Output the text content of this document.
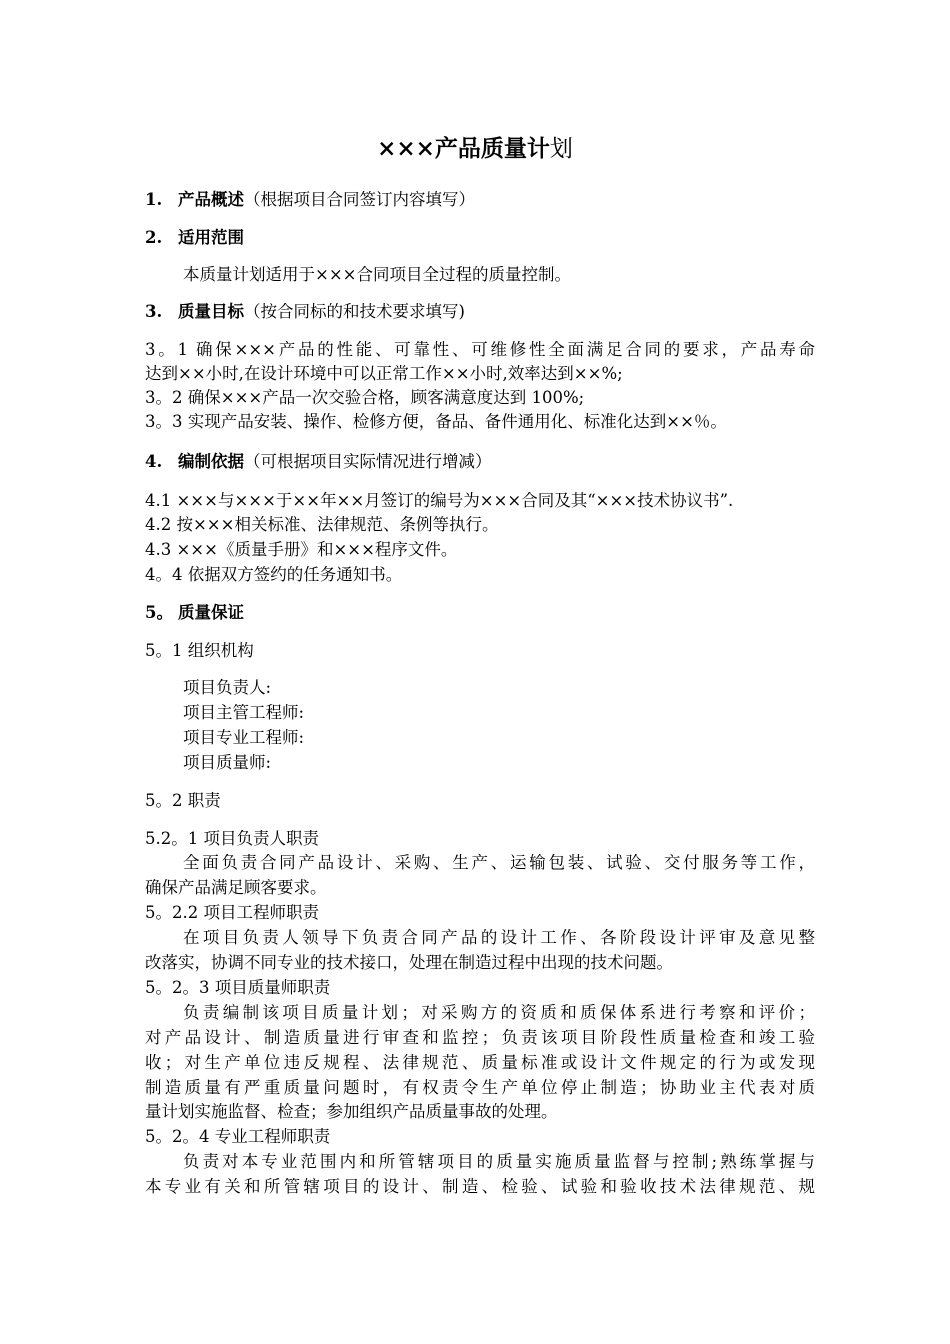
×××产品质量计划
1. 产品概述（根据项目合同签订内容填写）
2. 适用范围
本质量计划适用于×××合同项目全过程的质量控制。
3. 质量目标（按合同标的和技术要求填写)
3。1 确保×××产品的性能、可靠性、可维修性全面满足合同的要求，产品寿命
达到××小时,在设计环境中可以正常工作××小时,效率达到××%;
3。2 确保×××产品一次交验合格，顾客满意度达到 100%;
3。3 实现产品安装、操作、检修方便，备品、备件通用化、标准化达到××％。
4. 编制依据（可根据项目实际情况进行增减）
4.1 ×××与×××于××年××月签订的编号为×××合同及其“×××技术协议书”.
4.2 按×××相关标准、法律规范、条例等执行。
4.3 ×××《质量手册》和×××程序文件。
4。4 依据双方签约的任务通知书。
5。 质量保证
5。1 组织机构
项目负责人:
项目主管工程师:
项目专业工程师:
项目质量师:
5。2 职责
5.2。1 项目负责人职责
全面负责合同产品设计、采购、生产、运输包装、试验、交付服务等工作，
确保产品满足顾客要求。
5。2.2 项目工程师职责
在项目负责人领导下负责合同产品的设计工作、各阶段设计评审及意见整
改落实，协调不同专业的技术接口，处理在制造过程中出现的技术问题。
5。2。3 项目质量师职责
负责编制该项目质量计划；对采购方的资质和质保体系进行考察和评价；
对产品设计、制造质量进行审查和监控；负责该项目阶段性质量检查和竣工验
收；对生产单位违反规程、法律规范、质量标准或设计文件规定的行为或发现
制造质量有严重质量问题时，有权责令生产单位停止制造；协助业主代表对质
量计划实施监督、检查；参加组织产品质量事故的处理。
5。2。4 专业工程师职责
负责对本专业范围内和所管辖项目的质量实施质量监督与控制;熟练掌握与
本专业有关和所管辖项目的设计、制造、检验、试验和验收技术法律规范、规
